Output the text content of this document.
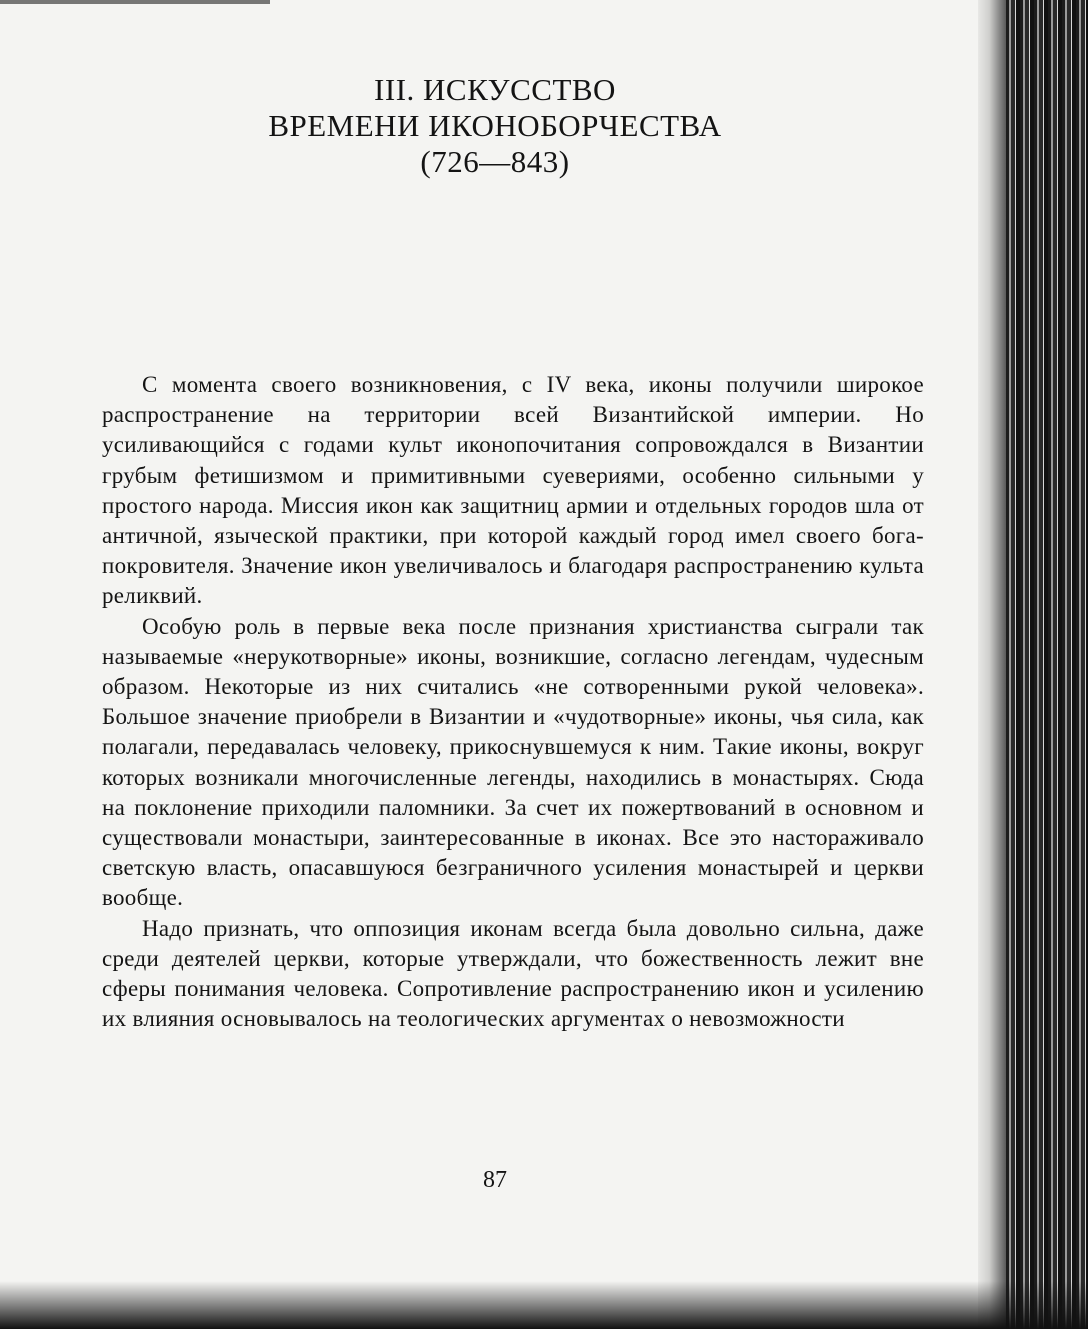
III. ИСКУССТВО
ВРЕМЕНИ ИКОНОБОРЧЕСТВА
(726—843)

С момента своего возникновения, с IV века, иконы получили широкое распространение на территории всей Византийской империи. Но усиливающийся с годами культ иконопочитания сопровождался в Византии грубым фетишизмом и примитивными суевериями, особенно сильными у простого народа. Миссия икон как защитниц армии и отдельных городов шла от античной, языческой практики, при которой каждый город имел своего бога-покровителя. Значение икон увеличивалось и благодаря распространению культа реликвий.

Особую роль в первые века после признания христианства сыграли так называемые «нерукотворные» иконы, возникшие, согласно легендам, чудесным образом. Некоторые из них считались «не сотворенными рукой человека». Большое значение приобрели в Византии и «чудотворные» иконы, чья сила, как полагали, передавалась человеку, прикоснувшемуся к ним. Такие иконы, вокруг которых возникали многочисленные легенды, находились в монастырях. Сюда на поклонение приходили паломники. За счет их пожертвований в основном и существовали монастыри, заинтересованные в иконах. Все это настораживало светскую власть, опасавшуюся безграничного усиления монастырей и церкви вообще.

Надо признать, что оппозиция иконам всегда была довольно сильна, даже среди деятелей церкви, которые утверждали, что божественность лежит вне сферы понимания человека. Сопротивление распространению икон и усилению их влияния основывалось на теологических аргументах о невозможности

87
